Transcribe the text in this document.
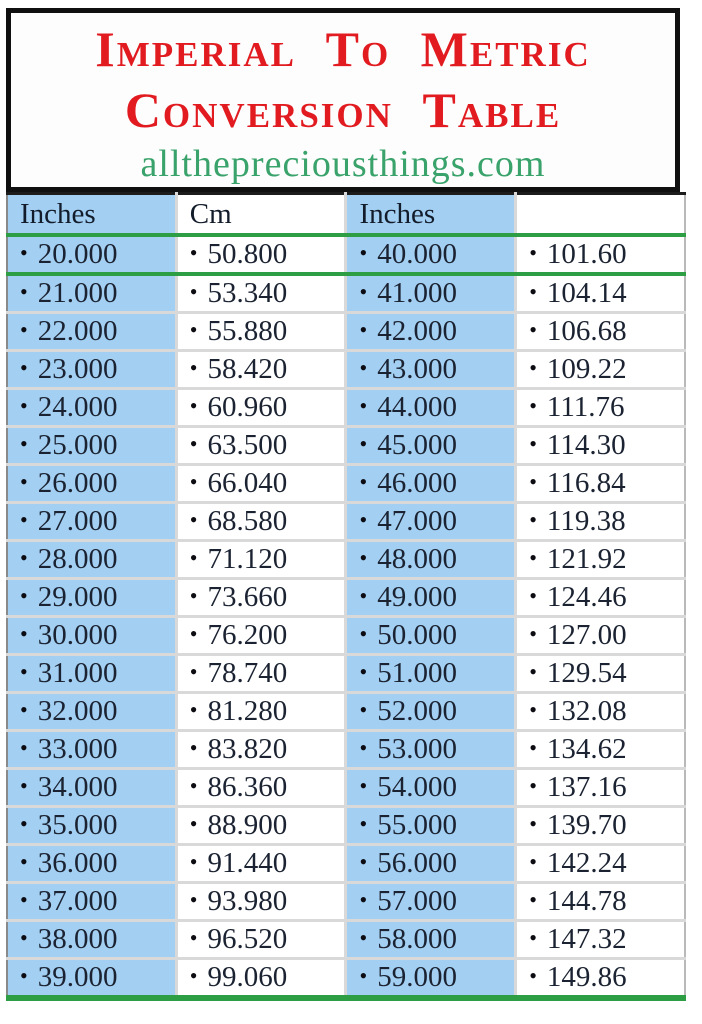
Imperial To Metric
Conversion Table
allthepreciousthings.com
Inches	Cm	Inches	
• 20.000	• 50.800	• 40.000	• 101.60
• 21.000	• 53.340	• 41.000	• 104.14
• 22.000	• 55.880	• 42.000	• 106.68
• 23.000	• 58.420	• 43.000	• 109.22
• 24.000	• 60.960	• 44.000	• 111.76
• 25.000	• 63.500	• 45.000	• 114.30
• 26.000	• 66.040	• 46.000	• 116.84
• 27.000	• 68.580	• 47.000	• 119.38
• 28.000	• 71.120	• 48.000	• 121.92
• 29.000	• 73.660	• 49.000	• 124.46
• 30.000	• 76.200	• 50.000	• 127.00
• 31.000	• 78.740	• 51.000	• 129.54
• 32.000	• 81.280	• 52.000	• 132.08
• 33.000	• 83.820	• 53.000	• 134.62
• 34.000	• 86.360	• 54.000	• 137.16
• 35.000	• 88.900	• 55.000	• 139.70
• 36.000	• 91.440	• 56.000	• 142.24
• 37.000	• 93.980	• 57.000	• 144.78
• 38.000	• 96.520	• 58.000	• 147.32
• 39.000	• 99.060	• 59.000	• 149.86
